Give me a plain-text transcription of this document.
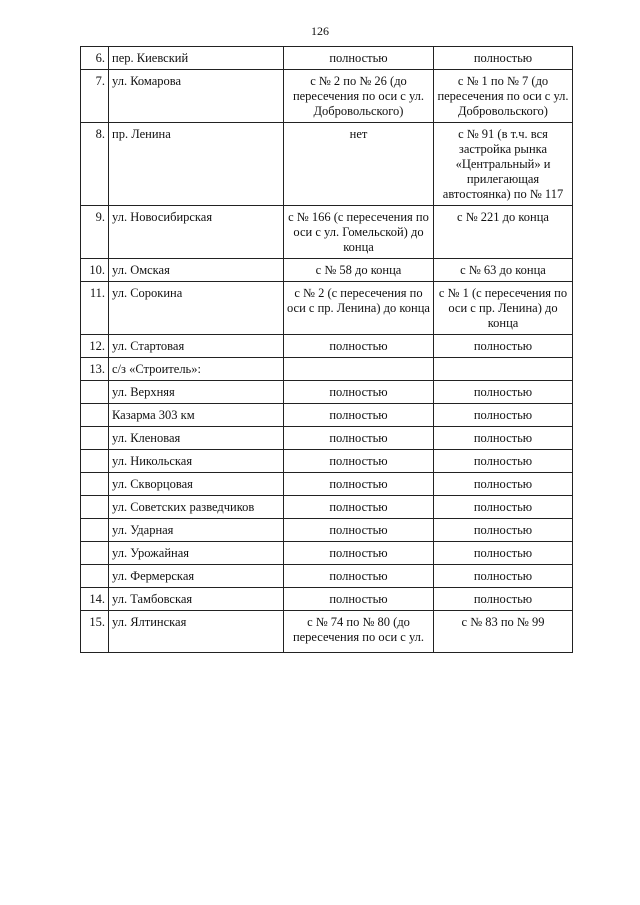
126
6.	пер. Киевский	полностью	полностью
7.	ул. Комарова	с № 2 по № 26 (до пересечения по оси с ул. Добровольского)	с № 1 по № 7 (до пересечения по оси с ул. Добровольского)
8.	пр. Ленина	нет	с № 91 (в т.ч. вся застройка рынка «Центральный» и прилегающая автостоянка) по № 117
9.	ул. Новосибирская	с № 166 (с пересечения по оси с ул. Гомельской) до конца	с № 221 до конца
10.	ул. Омская	с № 58 до конца	с № 63 до конца
11.	ул. Сорокина	с № 2 (с пересечения по оси с пр. Ленина) до конца	с № 1 (с пересечения по оси с пр. Ленина) до конца
12.	ул. Стартовая	полностью	полностью
13.	с/з «Строитель»:		
	ул. Верхняя	полностью	полностью
	Казарма 303 км	полностью	полностью
	ул. Кленовая	полностью	полностью
	ул. Никольская	полностью	полностью
	ул. Скворцовая	полностью	полностью
	ул. Советских разведчиков	полностью	полностью
	ул. Ударная	полностью	полностью
	ул. Урожайная	полностью	полностью
	ул. Фермерская	полностью	полностью
14.	ул. Тамбовская	полностью	полностью
15.	ул. Ялтинская	с № 74 по № 80 (до пересечения по оси с ул.	с № 83 по № 99
